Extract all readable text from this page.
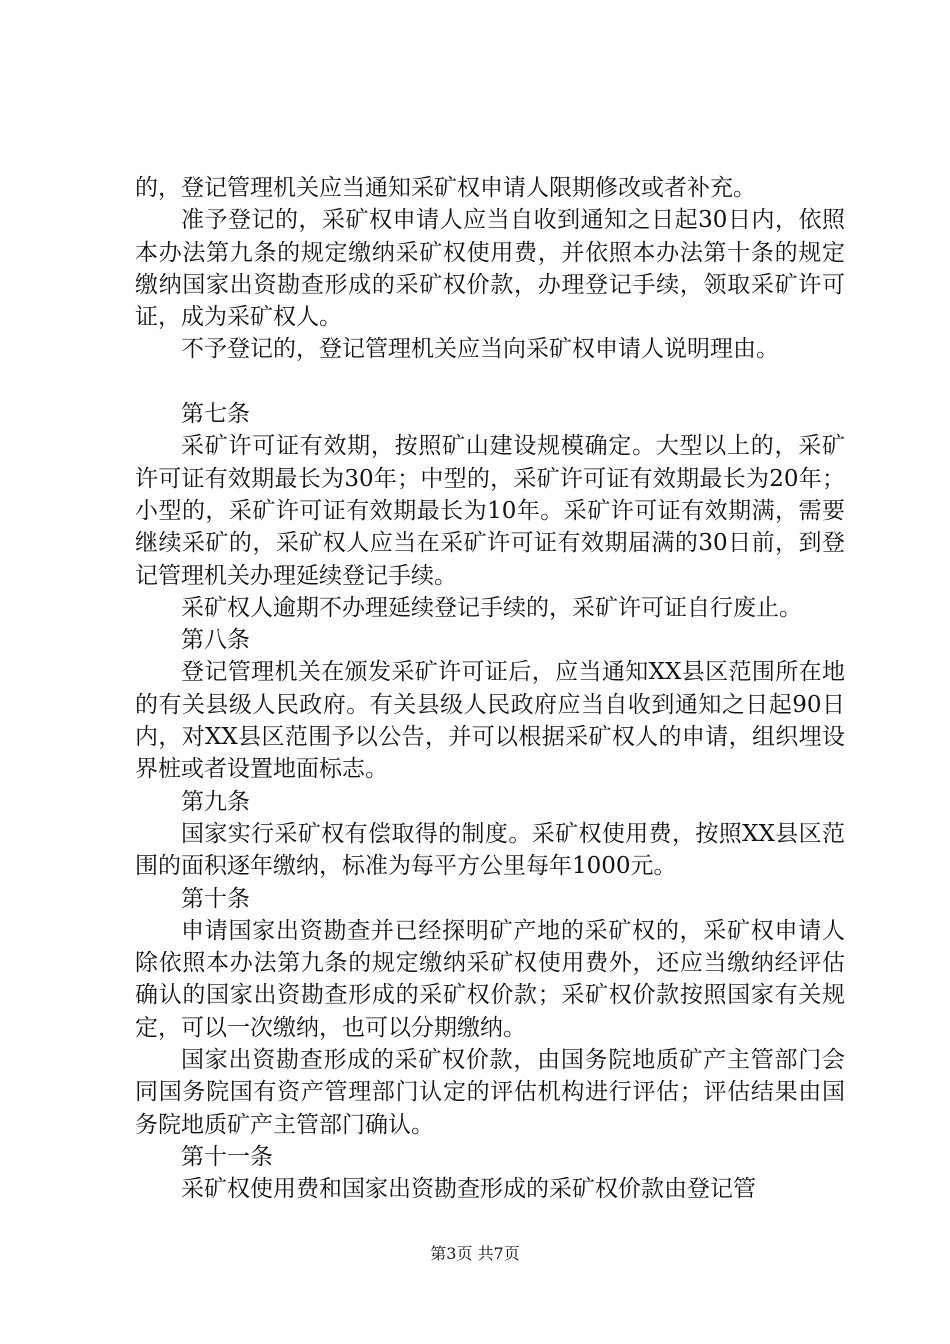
的，登记管理机关应当通知采矿权申请人限期修改或者补充。

准予登记的，采矿权申请人应当自收到通知之日起30日内，依照本办法第九条的规定缴纳采矿权使用费，并依照本办法第十条的规定缴纳国家出资勘查形成的采矿权价款，办理登记手续，领取采矿许可证，成为采矿权人。

不予登记的，登记管理机关应当向采矿权申请人说明理由。

第七条

采矿许可证有效期，按照矿山建设规模确定。大型以上的，采矿许可证有效期最长为30年；中型的，采矿许可证有效期最长为20年；小型的，采矿许可证有效期最长为10年。采矿许可证有效期满，需要继续采矿的，采矿权人应当在采矿许可证有效期届满的30日前，到登记管理机关办理延续登记手续。

采矿权人逾期不办理延续登记手续的，采矿许可证自行废止。

第八条

登记管理机关在颁发采矿许可证后，应当通知XX县区范围所在地的有关县级人民政府。有关县级人民政府应当自收到通知之日起90日内，对XX县区范围予以公告，并可以根据采矿权人的申请，组织埋设界桩或者设置地面标志。

第九条

国家实行采矿权有偿取得的制度。采矿权使用费，按照XX县区范围的面积逐年缴纳，标准为每平方公里每年1000元。

第十条

申请国家出资勘查并已经探明矿产地的采矿权的，采矿权申请人除依照本办法第九条的规定缴纳采矿权使用费外，还应当缴纳经评估确认的国家出资勘查形成的采矿权价款；采矿权价款按照国家有关规定，可以一次缴纳，也可以分期缴纳。

国家出资勘查形成的采矿权价款，由国务院地质矿产主管部门会同国务院国有资产管理部门认定的评估机构进行评估；评估结果由国务院地质矿产主管部门确认。

第十一条

采矿权使用费和国家出资勘查形成的采矿权价款由登记管

第3页 共7页
